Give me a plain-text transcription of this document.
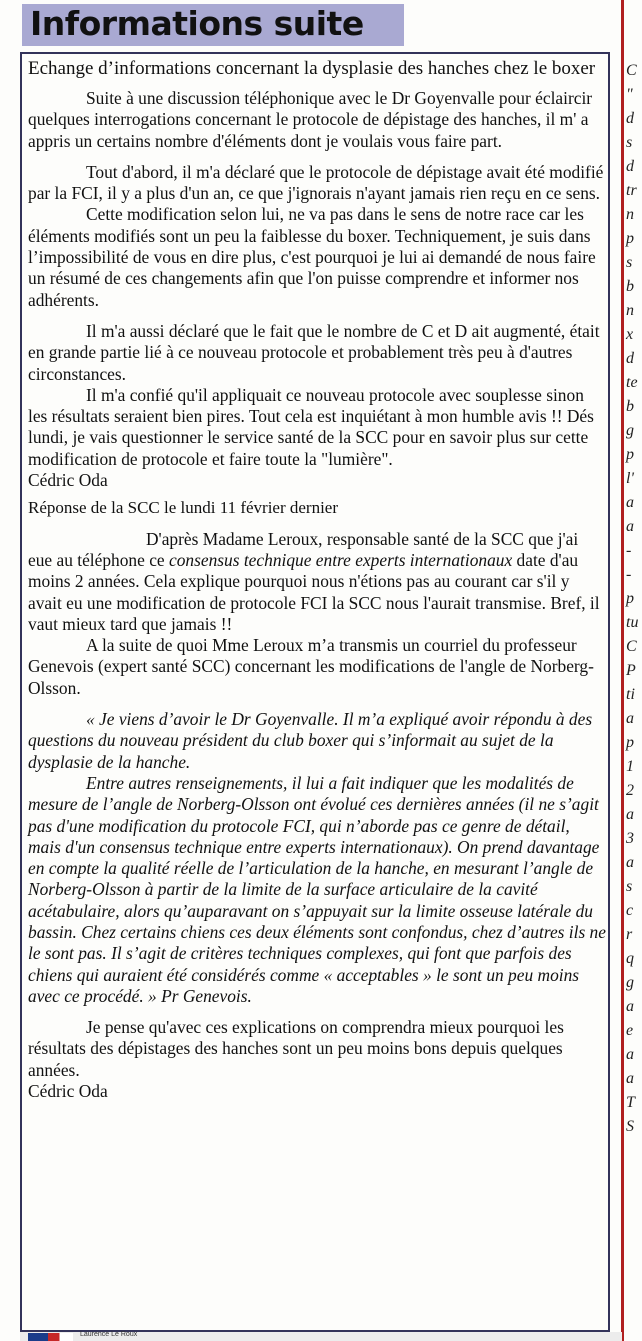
Informations suite

Echange d’informations concernant la dysplasie des hanches chez le boxer

Suite à une discussion téléphonique avec le Dr Goyenvalle pour éclaircir quelques interrogations concernant le protocole de dépistage des hanches, il m' a appris un certains nombre d'éléments dont je voulais vous faire part.

Tout d'abord, il m'a déclaré que le protocole de dépistage avait été modifié par la FCI, il y a plus d'un an, ce que j'ignorais n'ayant jamais rien reçu en ce sens.

Cette modification selon lui, ne va pas dans le sens de notre race car les éléments modifiés sont un peu la faiblesse du boxer. Techniquement, je suis dans l’impossibilité de vous en dire plus, c'est pourquoi je lui ai demandé de nous faire un résumé de ces changements afin que l'on puisse comprendre et informer nos adhérents.

Il m'a aussi déclaré que le fait que le nombre de C et D ait augmenté, était en grande partie lié à ce nouveau protocole et probablement très peu à d'autres circonstances.

Il m'a confié qu'il appliquait ce nouveau protocole avec souplesse sinon les résultats seraient bien pires. Tout cela est inquiétant à mon humble avis !! Dés lundi, je vais questionner le service santé de la SCC pour en savoir plus sur cette modification de protocole et faire toute la "lumière".

Cédric Oda

Réponse de la SCC le lundi 11 février dernier

D'après Madame Leroux, responsable santé de la SCC que j'ai eue au téléphone ce consensus technique entre experts internationaux date d'au moins 2 années. Cela explique pourquoi nous n'étions pas au courant car s'il y avait eu une modification de protocole FCI la SCC nous l'aurait transmise. Bref, il vaut mieux tard que jamais !!

A la suite de quoi Mme Leroux m’a transmis un courriel du professeur Genevois (expert santé SCC) concernant les modifications de l'angle de Norberg-Olsson.

« Je viens d’avoir le Dr Goyenvalle. Il m’a expliqué avoir répondu à des questions du nouveau président du club boxer qui s’informait au sujet de la dysplasie de la hanche.

Entre autres renseignements, il lui a fait indiquer que les modalités de mesure de l’angle de Norberg-Olsson ont évolué ces dernières années (il ne s’agit pas d'une modification du protocole FCI, qui n’aborde pas ce genre de détail, mais d'un consensus technique entre experts internationaux). On prend davantage en compte la qualité réelle de l’articulation de la hanche, en mesurant l’angle de Norberg-Olsson à partir de la limite de la surface articulaire de la cavité acétabulaire, alors qu’auparavant on s’appuyait sur la limite osseuse latérale du bassin. Chez certains chiens ces deux éléments sont confondus, chez d’autres ils ne le sont pas. Il s’agit de critères techniques complexes, qui font que parfois des chiens qui auraient été considérés comme « acceptables » le sont un peu moins avec ce procédé. » Pr Genevois.

Je pense qu'avec ces explications on comprendra mieux pourquoi les résultats des dépistages des hanches sont un peu moins bons depuis quelques années.

Cédric Oda

C
"
d
s
d
tr
n
p
s
b
n
x
d
te
b
g
p
l'
a
a
-
-
p
tu
C
P
ti
a
p
1
2
a
3
a
s
c
r
q
g
a
e
a
a
T
S
Laurence Le Roux
